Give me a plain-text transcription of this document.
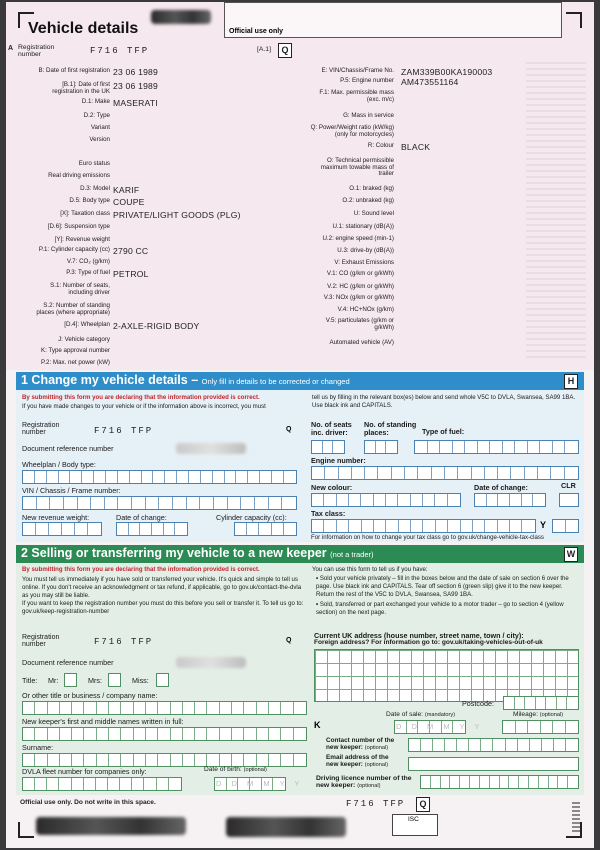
Vehicle details	Official use only
A Registration number	F716 TFP	[A.1]	Q
B: Date of first registration 23 06 1989
[B.1]: Date of first registration in the UK 23 06 1989
D.1: Make MASERATI
D.2: Type
Variant
Version
Euro status
Real driving emissions
D.3: Model KARIF
D.5: Body type COUPE
[X]: Taxation class PRIVATE/LIGHT GOODS (PLG)
[D.6]: Suspension type
[Y]: Revenue weight
P.1: Cylinder capacity (cc) 2790 CC
V.7: CO₂ (g/km)
P.3: Type of fuel PETROL
S.1: Number of seats, including driver
S.2: Number of standing places (where appropriate)
[D.4]: Wheelplan 2-AXLE-RIGID BODY
J: Vehicle category
K: Type approval number
P.2: Max. net power (kW)
E: VIN/Chassis/Frame No. ZAM339B00KA190003
P.5: Engine number AM473551164
F.1: Max. permissible mass (exc. m/c)
G: Mass in service
Q: Power/Weight ratio (kW/kg) (only for motorcycles)
R: Colour BLACK
O: Technical permissible maximum towable mass of trailer
O.1: braked (kg)
O.2: unbraked (kg)
U: Sound level
U.1: stationary (dB(A))
U.2: engine speed (min-1)
U.3: drive-by (dB(A))
V: Exhaust Emissions
V.1: CO (g/km or g/kWh)
V.2: HC (g/km or g/kWh)
V.3: NOx (g/km or g/kWh)
V.4: HC+NOx (g/km)
V.5: particulates (g/km or g/kWh)
Automated vehicle (AV)
1 Change my vehicle details – Only fill in details to be corrected or changed	H
By submitting this form you are declaring that the information provided is correct.
If you have made changes to your vehicle or if the information above is incorrect, you must
tell us by filling in the relevant box(es) below and send whole V5C to DVLA, Swansea, SA99 1BA. Use black ink and CAPITALS.
Registration number	F716 TFP	Q
Document reference number
Wheelplan / Body type:
VIN / Chassis / Frame number:
New revenue weight:	Date of change:	Cylinder capacity (cc):
No. of seats inc. driver:
No. of standing places:	Type of fuel:
Engine number:
New colour:	Date of change:	CLR
Tax class:
Y
For information on how to change your tax class go to gov.uk/change-vehicle-tax-class
2 Selling or transferring my vehicle to a new keeper (not a trader)	W
By submitting this form you are declaring that the information provided is correct.
You must tell us immediately if you have sold or transferred your vehicle. It's quick and simple to tell us online. If you don't receive an acknowledgment or tax refund, if applicable, go to gov.uk/contact-the-dvla as you may still be liable.
If you want to keep the registration number you must do this before you sell or transfer it. To tell us go to: gov.uk/keep-registration-number
You can use this form to tell us if you have:
• Sold your vehicle privately – fill in the boxes below and the date of sale on section 6 over the page. Use black ink and CAPITALS. Tear off section 6 (green slip) give it to the new keeper. Return the rest of the V5C to DVLA, Swansea, SA99 1BA.
• Sold, transferred or part exchanged your vehicle to a motor trader – go to section 4 (yellow section) on the next page.
Registration number	F716 TFP	Q
Document reference number
Title: Mr:	Mrs:	Miss:
Or other title or business / company name:
New keeper's first and middle names written in full:
Surname:
DVLA fleet number for companies only:	Date of birth: (optional)
D D M M Y Y
Current UK address (house number, street name, town / city):
Foreign address? For information go to: gov.uk/taking-vehicles-out-of-uk
Postcode:
K
Date of sale: (mandatory)
D D M M Y Y
Mileage: (optional)
Contact number of the new keeper: (optional)
Email address of the new keeper: (optional)
Driving licence number of the new keeper: (optional)
Official use only. Do not write in this space.	F716 TFP	Q
ISC
